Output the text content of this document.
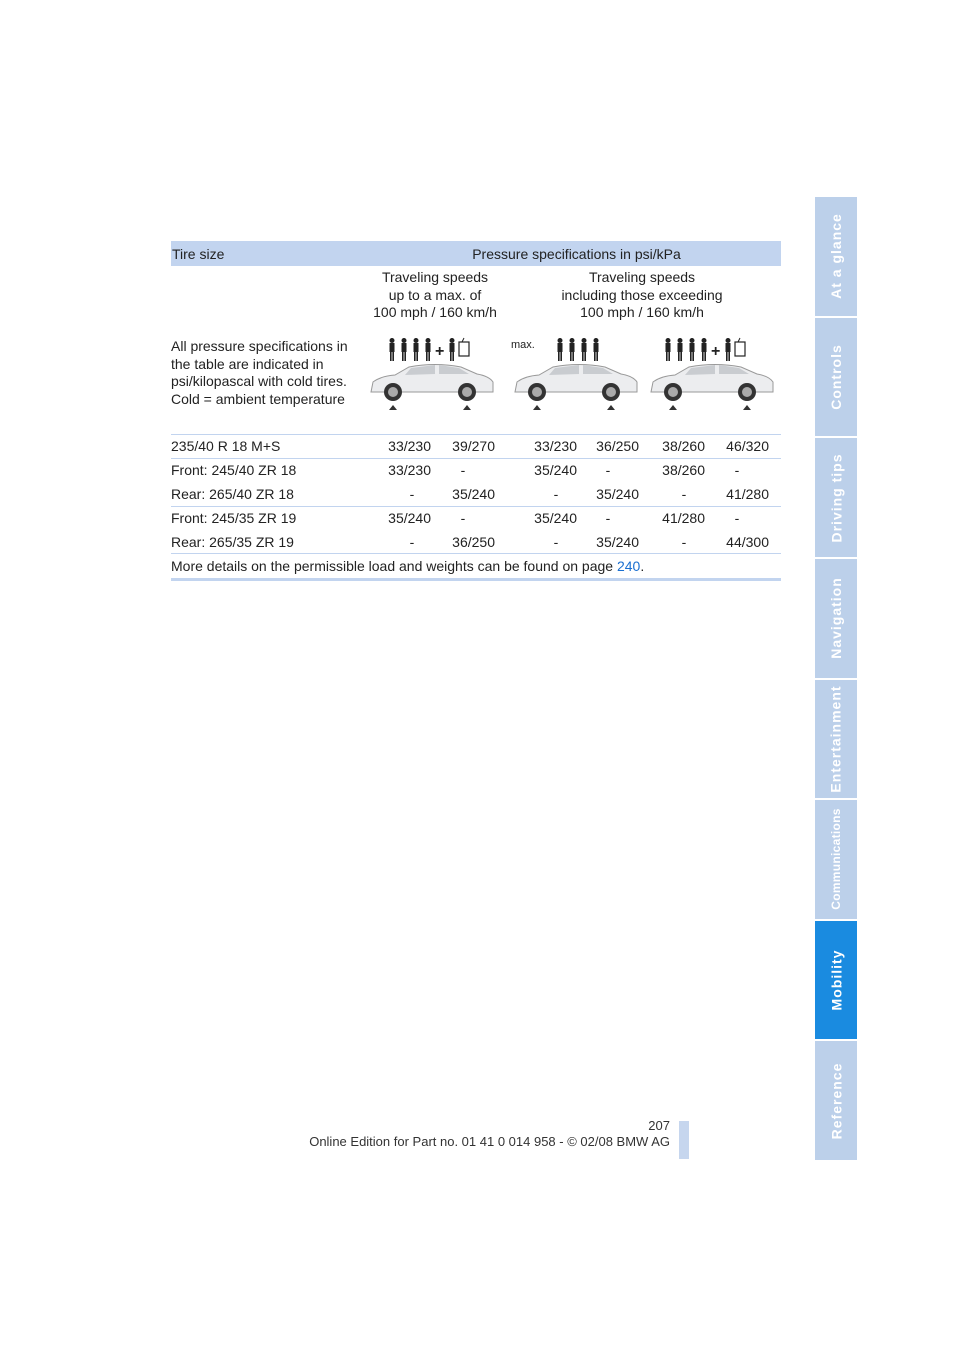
At a glance
Controls
Driving tips
Navigation
Entertainment
Communications
Mobility
Reference
Tire size	Pressure specifications in psi/kPa
Traveling speeds
up to a max. of
100 mph / 160 km/h
Traveling speeds
including those exceeding
100 mph / 160 km/h
All pressure specifications in
the table are indicated in
psi/kilopascal with cold tires.
Cold = ambient temperature
+	max.	+
235/40 R 18 M+S	33/230	39/270	33/230	36/250	38/260	46/320
Front: 245/40 ZR 18	33/230	-	35/240	-	38/260	-
Rear: 265/40 ZR 18	-	35/240	-	35/240	-	41/280
Front: 245/35 ZR 19	35/240	-	35/240	-	41/280	-
Rear: 265/35 ZR 19	-	36/250	-	35/240	-	44/300
More details on the permissible load and weights can be found on page 240 .
207
Online Edition for Part no. 01 41 0 014 958 - © 02/08 BMW AG
